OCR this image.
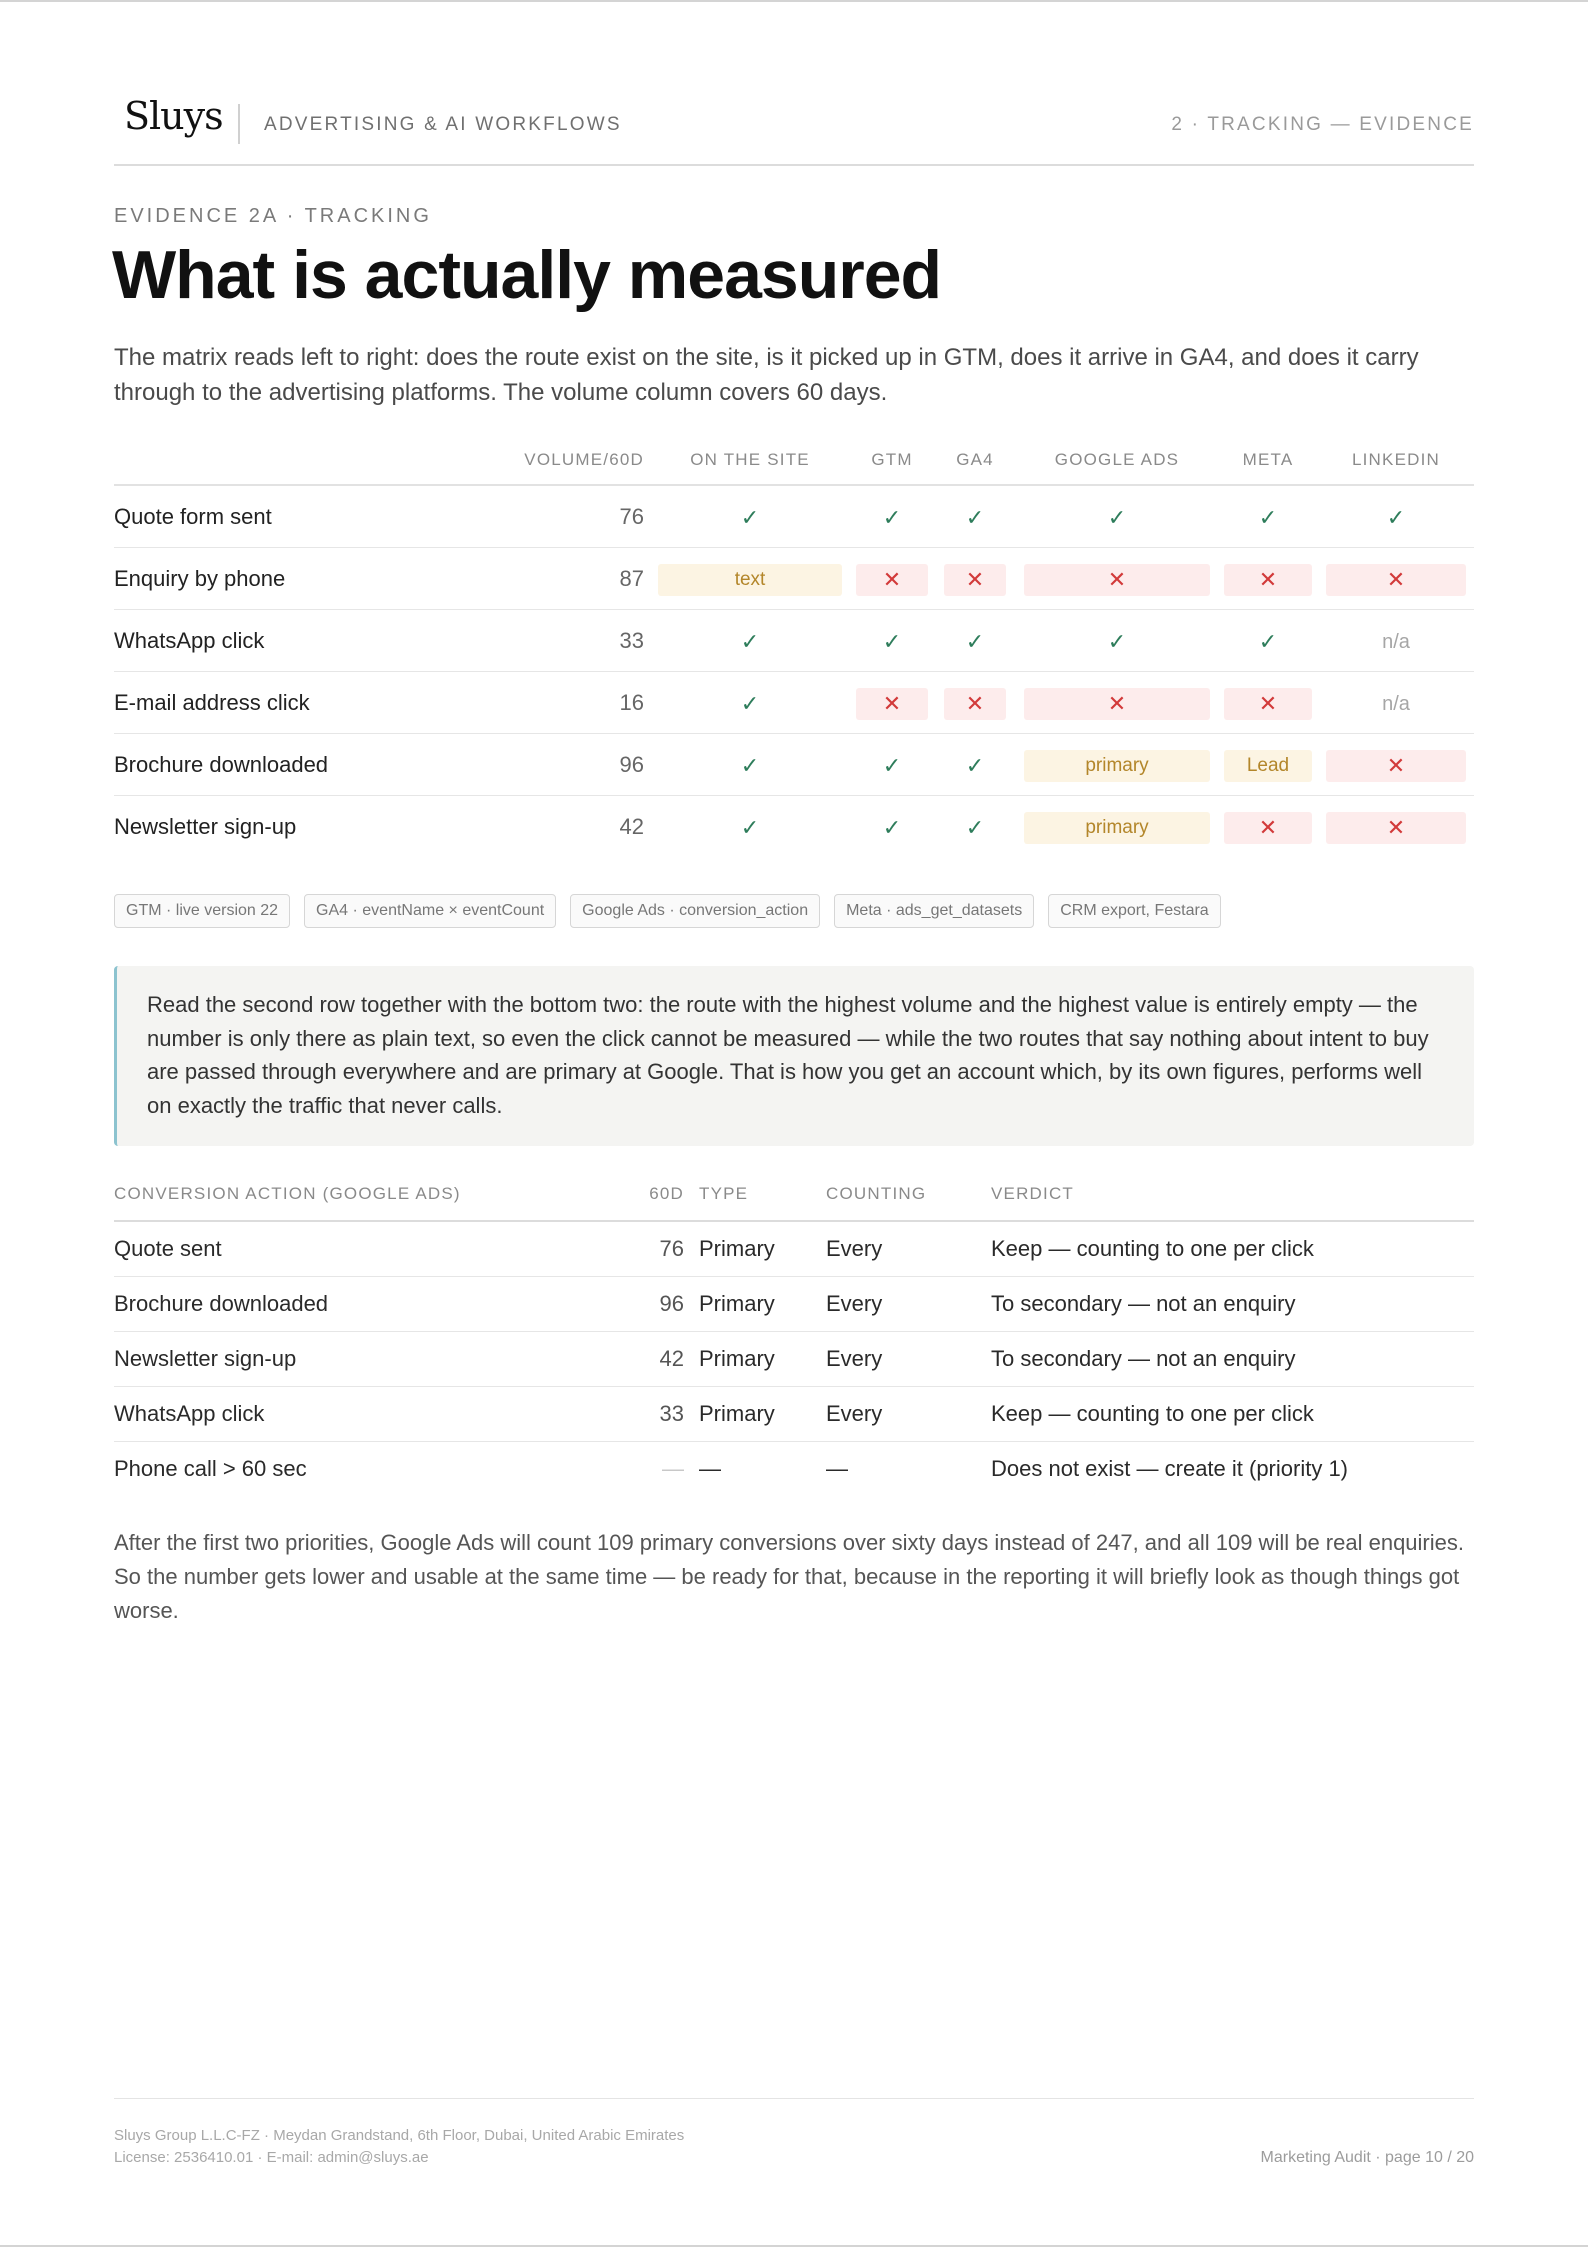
Sluys ADVERTISING & AI WORKFLOWS	2 · TRACKING — EVIDENCE
EVIDENCE 2A · TRACKING
What is actually measured

The matrix reads left to right: does the route exist on the site, is it picked up in GTM, does it arrive in GA4, and does it carry through to the advertising platforms. The volume column covers 60 days.

VOLUME/60D	ON THE SITE	GTM	GA4	GOOGLE ADS	META	LINKEDIN
Quote form sent	76	✓	✓	✓	✓	✓	✓
Enquiry by phone	87	text	✕	✕	✕	✕	✕
WhatsApp click	33	✓	✓	✓	✓	✓	n/a
E-mail address click	16	✓	✕	✕	✕	✕	n/a
Brochure downloaded	96	✓	✓	✓	primary	Lead	✕
Newsletter sign-up	42	✓	✓	✓	primary	✕	✕
GTM · live version 22	GA4 · eventName × eventCount	Google Ads · conversion_action	Meta · ads_get_datasets	CRM export, Festara
Read the second row together with the bottom two: the route with the highest volume and the highest value is entirely empty — the number is only there as plain text, so even the click cannot be measured — while the two routes that say nothing about intent to buy are passed through everywhere and are primary at Google. That is how you get an account which, by its own figures, performs well on exactly the traffic that never calls.
CONVERSION ACTION (GOOGLE ADS)	60D TYPE	COUNTING	VERDICT
Quote sent	76 Primary Every	Keep — counting to one per click
Brochure downloaded	96 Primary Every	To secondary — not an enquiry
Newsletter sign-up	42 Primary Every	To secondary — not an enquiry
WhatsApp click	33 Primary Every	Keep — counting to one per click
Phone call > 60 sec	— —	—	Does not exist — create it (priority 1)

After the first two priorities, Google Ads will count 109 primary conversions over sixty days instead of 247, and all 109 will be real enquiries. So the number gets lower and usable at the same time — be ready for that, because in the reporting it will briefly look as though things got worse.

Sluys Group L.L.C-FZ · Meydan Grandstand, 6th Floor, Dubai, United Arabic Emirates
License: 2536410.01 · E-mail: admin@sluys.ae	Marketing Audit · page 10 / 20
